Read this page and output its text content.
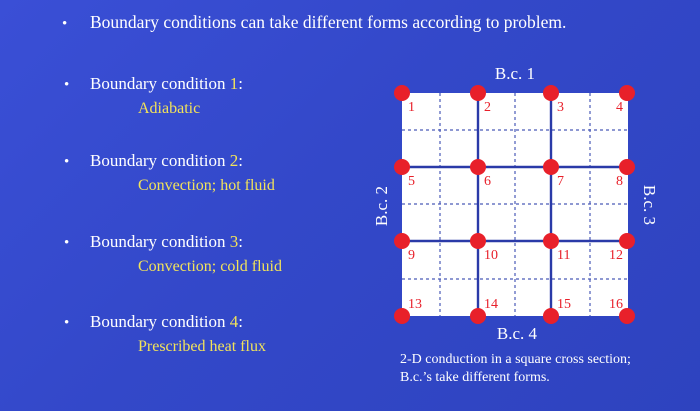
•	Boundary conditions can take different forms according to problem.
•	Boundary condition 1:
Adiabatic
•	Boundary condition 2:
Convection; hot fluid
•	Boundary condition 3:
Convection; cold fluid
•	Boundary condition 4:
Prescribed heat flux
1	2	3	4
5	6	7	8
9	10	11	12
13	14	15	16
B.c. 1
B.c. 4
B.c. 2	B.c. 3
2-D conduction in a square cross section;
B.c.’s take different forms.
